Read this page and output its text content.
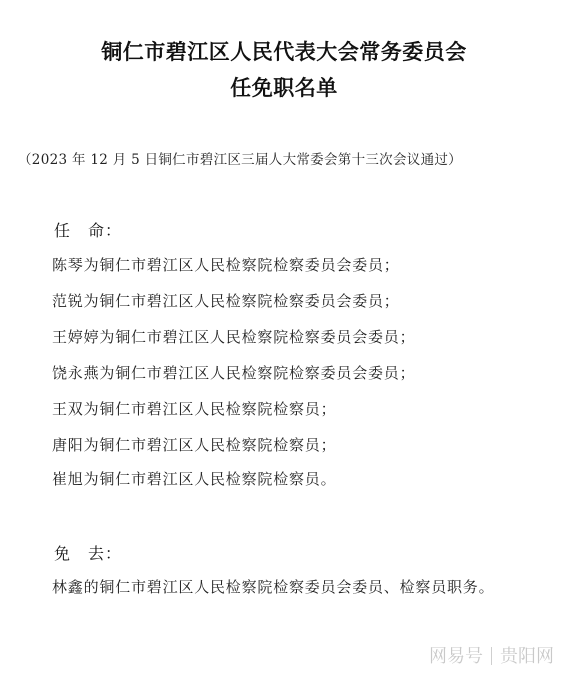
铜仁市碧江区人民代表大会常务委员会
任免职名单
（2023 年 12 月 5 日铜仁市碧江区三届人大常委会第十三次会议通过）
任　命：
陈琴为铜仁市碧江区人民检察院检察委员会委员；
范锐为铜仁市碧江区人民检察院检察委员会委员；
王婷婷为铜仁市碧江区人民检察院检察委员会委员；
饶永燕为铜仁市碧江区人民检察院检察委员会委员；
王双为铜仁市碧江区人民检察院检察员；
唐阳为铜仁市碧江区人民检察院检察员；
崔旭为铜仁市碧江区人民检察院检察员。
免　去：
林鑫的铜仁市碧江区人民检察院检察委员会委员、检察员职务。
网易号 贵阳网
